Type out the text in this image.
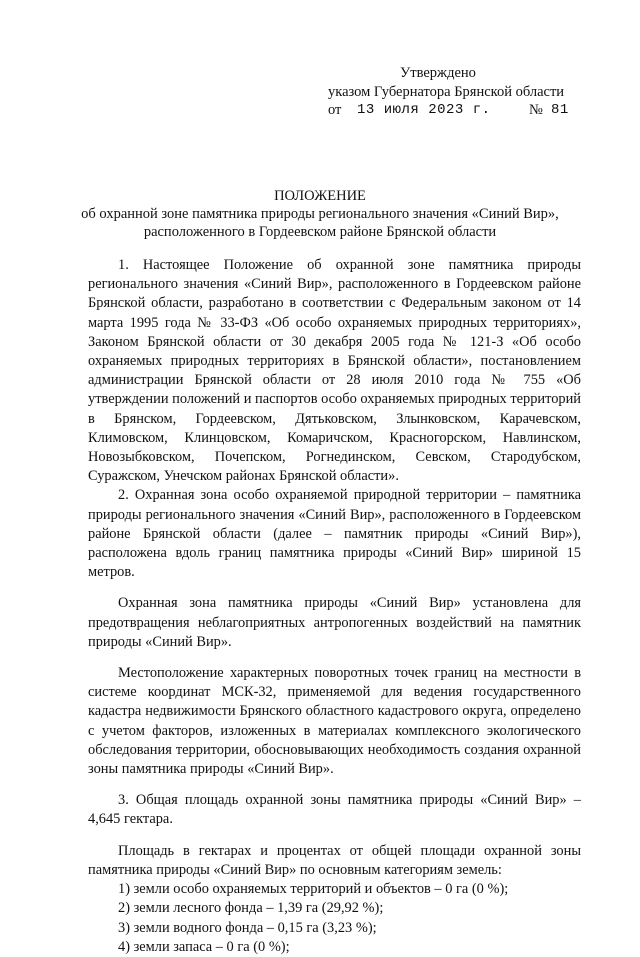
Утверждено
указом Губернатора Брянской области
от 13 июля 2023 г.	№ 81
ПОЛОЖЕНИЕ
об охранной зоне памятника природы регионального значения «Синий Вир»,
расположенного в Гордеевском районе Брянской области

1. Настоящее Положение об охранной зоне памятника природы регионального значения «Синий Вир», расположенного в Гордеевском районе Брянской области, разработано в соответствии с Федеральным законом от 14 марта 1995 года № 33-ФЗ «Об особо охраняемых природных территориях», Законом Брянской области от 30 декабря 2005 года № 121-З «Об особо охраняемых природных территориях в Брянской области», постановлением администрации Брянской области от 28 июля 2010 года № 755 «Об утверждении положений и паспортов особо охраняемых природных территорий в Брянском, Гордеевском, Дятьковском, Злынковском, Карачевском, Климовском, Клинцовском, Комаричском, Красногорском, Навлинском, Новозыбковском, Почепском, Рогнединском, Севском, Стародубском, Суражском, Унечском районах Брянской области».

2. Охранная зона особо охраняемой природной территории – памятника природы регионального значения «Синий Вир», расположенного в Гордеевском районе Брянской области (далее – памятник природы «Синий Вир»), расположена вдоль границ памятника природы «Синий Вир» шириной 15 метров.

Охранная зона памятника природы «Синий Вир» установлена для предотвращения неблагоприятных антропогенных воздействий на памятник природы «Синий Вир».

Местоположение характерных поворотных точек границ на местности в системе координат МСК-32, применяемой для ведения государственного кадастра недвижимости Брянского областного кадастрового округа, определено с учетом факторов, изложенных в материалах комплексного экологического обследования территории, обосновывающих необходимость создания охранной зоны памятника природы «Синий Вир».

3. Общая площадь охранной зоны памятника природы «Синий Вир» – 4,645 гектара.

Площадь в гектарах и процентах от общей площади охранной зоны памятника природы «Синий Вир» по основным категориям земель:

1) земли особо охраняемых территорий и объектов – 0 га (0 %);

2) земли лесного фонда – 1,39 га (29,92 %);

3) земли водного фонда – 0,15 га (3,23 %);

4) земли запаса – 0 га (0 %);
